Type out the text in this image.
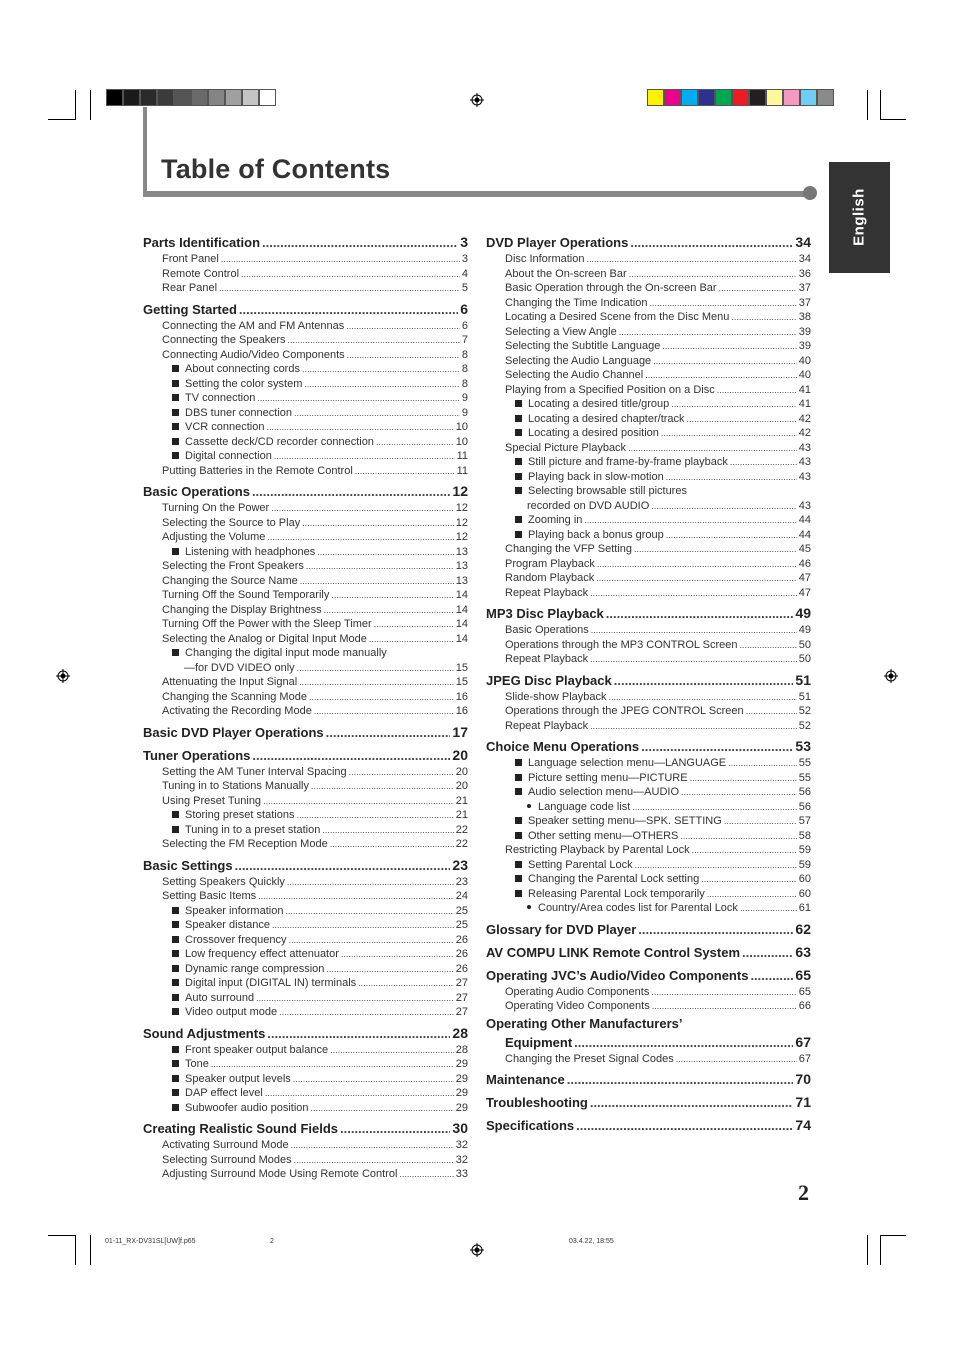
Table of Contents
English
Parts Identification .....	3
Front Panel .....	3
Remote Control .....	4
Rear Panel .....	5
Getting Started .....	6
Connecting the AM and FM Antennas .....	6
Connecting the Speakers .....	7
Connecting Audio/Video Components .....	8
About connecting cords .....	8
Setting the color system .....	8
TV connection .....	9
DBS tuner connection .....	9
VCR connection .....	10
Cassette deck/CD recorder connection .....	10
Digital connection .....	11
Putting Batteries in the Remote Control .....	11
Basic Operations .....	12
Turning On the Power .....	12
Selecting the Source to Play .....	12
Adjusting the Volume .....	12
Listening with headphones .....	13
Selecting the Front Speakers .....	13
Changing the Source Name .....	13
Turning Off the Sound Temporarily .....	14
Changing the Display Brightness .....	14
Turning Off the Power with the Sleep Timer .....	14
Selecting the Analog or Digital Input Mode .....	14
Changing the digital input mode manually
—for DVD VIDEO only .....	15
Attenuating the Input Signal .....	15
Changing the Scanning Mode .....	16
Activating the Recording Mode .....	16
Basic DVD Player Operations .....	17
Tuner Operations .....	20
Setting the AM Tuner Interval Spacing .....	20
Tuning in to Stations Manually .....	20
Using Preset Tuning .....	21
Storing preset stations .....	21
Tuning in to a preset station .....	22
Selecting the FM Reception Mode .....	22
Basic Settings .....	23
Setting Speakers Quickly .....	23
Setting Basic Items .....	24
Speaker information .....	25
Speaker distance .....	25
Crossover frequency .....	26
Low frequency effect attenuator .....	26
Dynamic range compression .....	26
Digital input (DIGITAL IN) terminals .....	27
Auto surround .....	27
Video output mode .....	27
Sound Adjustments .....	28
Front speaker output balance .....	28
Tone .....	29
Speaker output levels .....	29
DAP effect level .....	29
Subwoofer audio position .....	29
Creating Realistic Sound Fields .....	30
Activating Surround Mode .....	32
Selecting Surround Modes .....	32
Adjusting Surround Mode Using Remote Control .....	33
DVD Player Operations .....	34
Disc Information .....	34
About the On-screen Bar .....	36
Basic Operation through the On-screen Bar .....	37
Changing the Time Indication .....	37
Locating a Desired Scene from the Disc Menu .....	38
Selecting a View Angle .....	39
Selecting the Subtitle Language .....	39
Selecting the Audio Language .....	40
Selecting the Audio Channel .....	40
Playing from a Specified Position on a Disc .....	41
Locating a desired title/group .....	41
Locating a desired chapter/track .....	42
Locating a desired position .....	42
Special Picture Playback .....	43
Still picture and frame-by-frame playback .....	43
Playing back in slow-motion .....	43
Selecting browsable still pictures
recorded on DVD AUDIO .....	43
Zooming in .....	44
Playing back a bonus group .....	44
Changing the VFP Setting .....	45
Program Playback .....	46
Random Playback .....	47
Repeat Playback .....	47
MP3 Disc Playback .....	49
Basic Operations .....	49
Operations through the MP3 CONTROL Screen .....	50
Repeat Playback .....	50
JPEG Disc Playback .....	51
Slide-show Playback .....	51
Operations through the JPEG CONTROL Screen .....	52
Repeat Playback .....	52
Choice Menu Operations .....	53
Language selection menu—LANGUAGE .....	55
Picture setting menu—PICTURE .....	55
Audio selection menu—AUDIO .....	56
Language code list .....	56
Speaker setting menu—SPK. SETTING .....	57
Other setting menu—OTHERS .....	58
Restricting Playback by Parental Lock .....	59
Setting Parental Lock .....	59
Changing the Parental Lock setting .....	60
Releasing Parental Lock temporarily .....	60
Country/Area codes list for Parental Lock .....	61
Glossary for DVD Player .....	62
AV COMPU LINK Remote Control System .....	63
Operating JVC’s Audio/Video Components .....	65
Operating Audio Components .....	65
Operating Video Components .....	66
Operating Other Manufacturers’
Equipment .....	67
Changing the Preset Signal Codes .....	67
Maintenance .....	70
Troubleshooting .....	71
Specifications .....	74
2
01-11_RX-DV31SL[UW]f.p65	2	03.4.22, 18:55
